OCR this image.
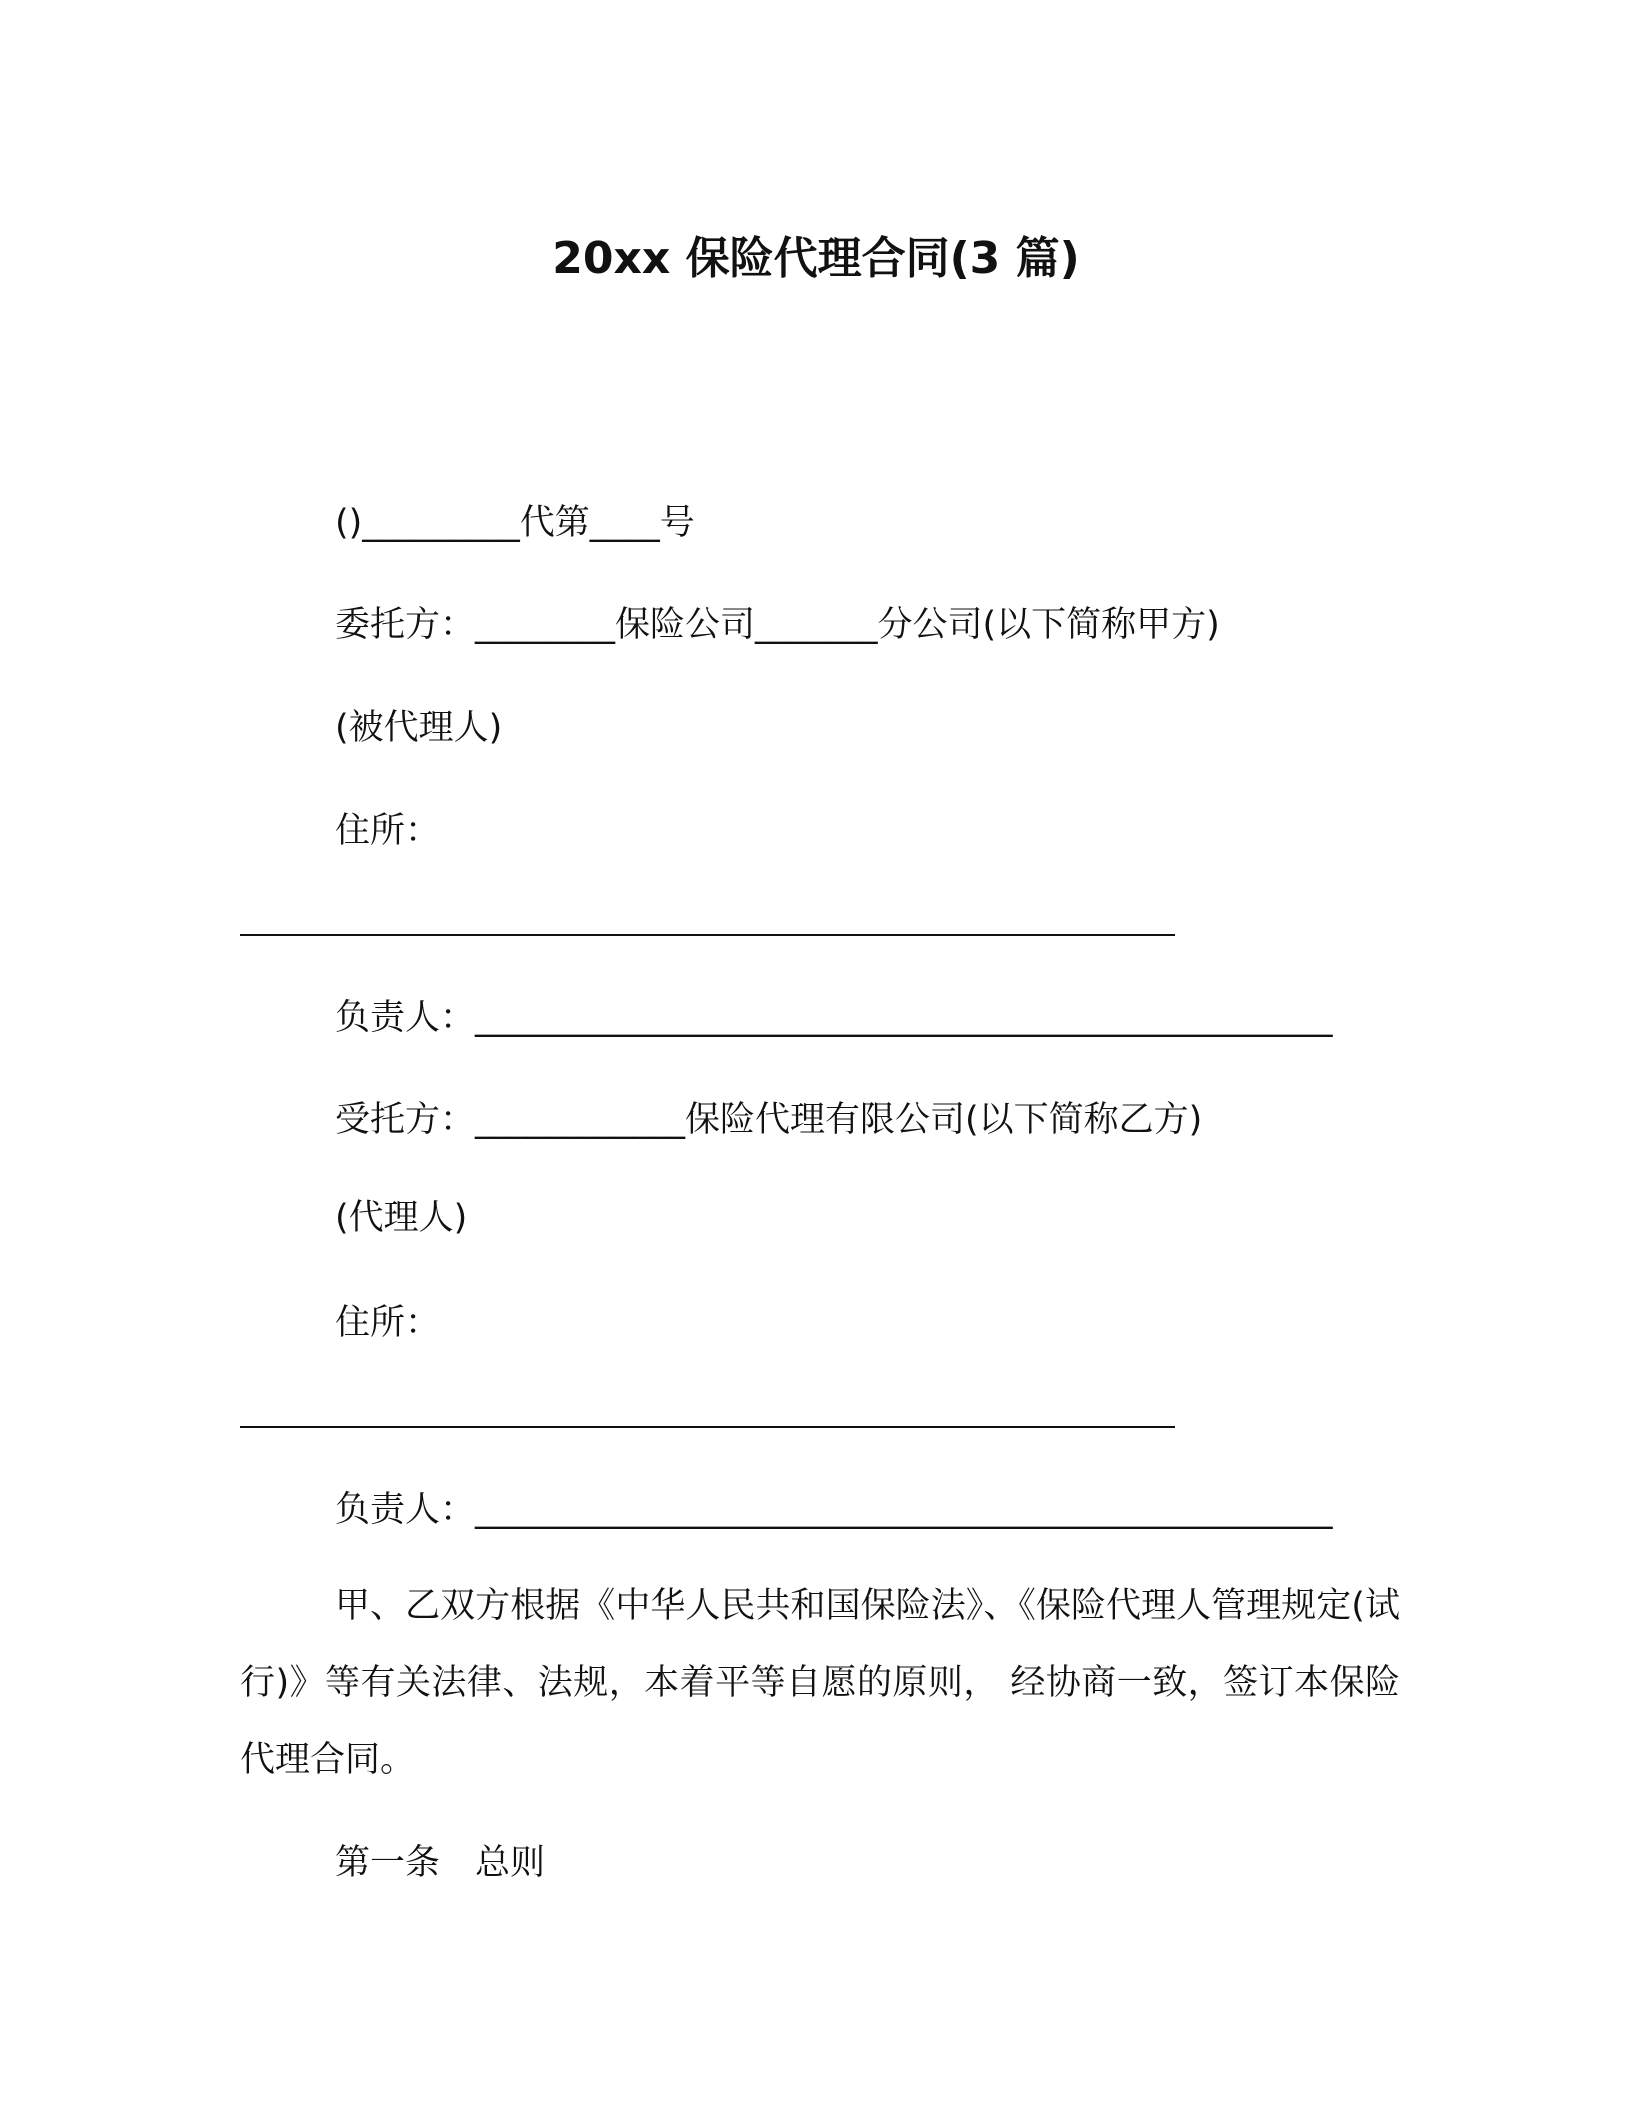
20xx 保险代理合同(3 篇)
()_________代第____号
委托方：________保险公司_______分公司(以下简称甲方)
(被代理人)
住所：
负责人：_________________________________________________
受托方：____________保险代理有限公司(以下简称乙方)
(代理人)
住所：
负责人：_________________________________________________
甲、乙双方根据《中华人民共和国保险法》、《保险代理人管理规定(试行)》等有关法律、法规，本着平等自愿的原则， 经协商一致，签订本保险代理合同。
第一条　总则
